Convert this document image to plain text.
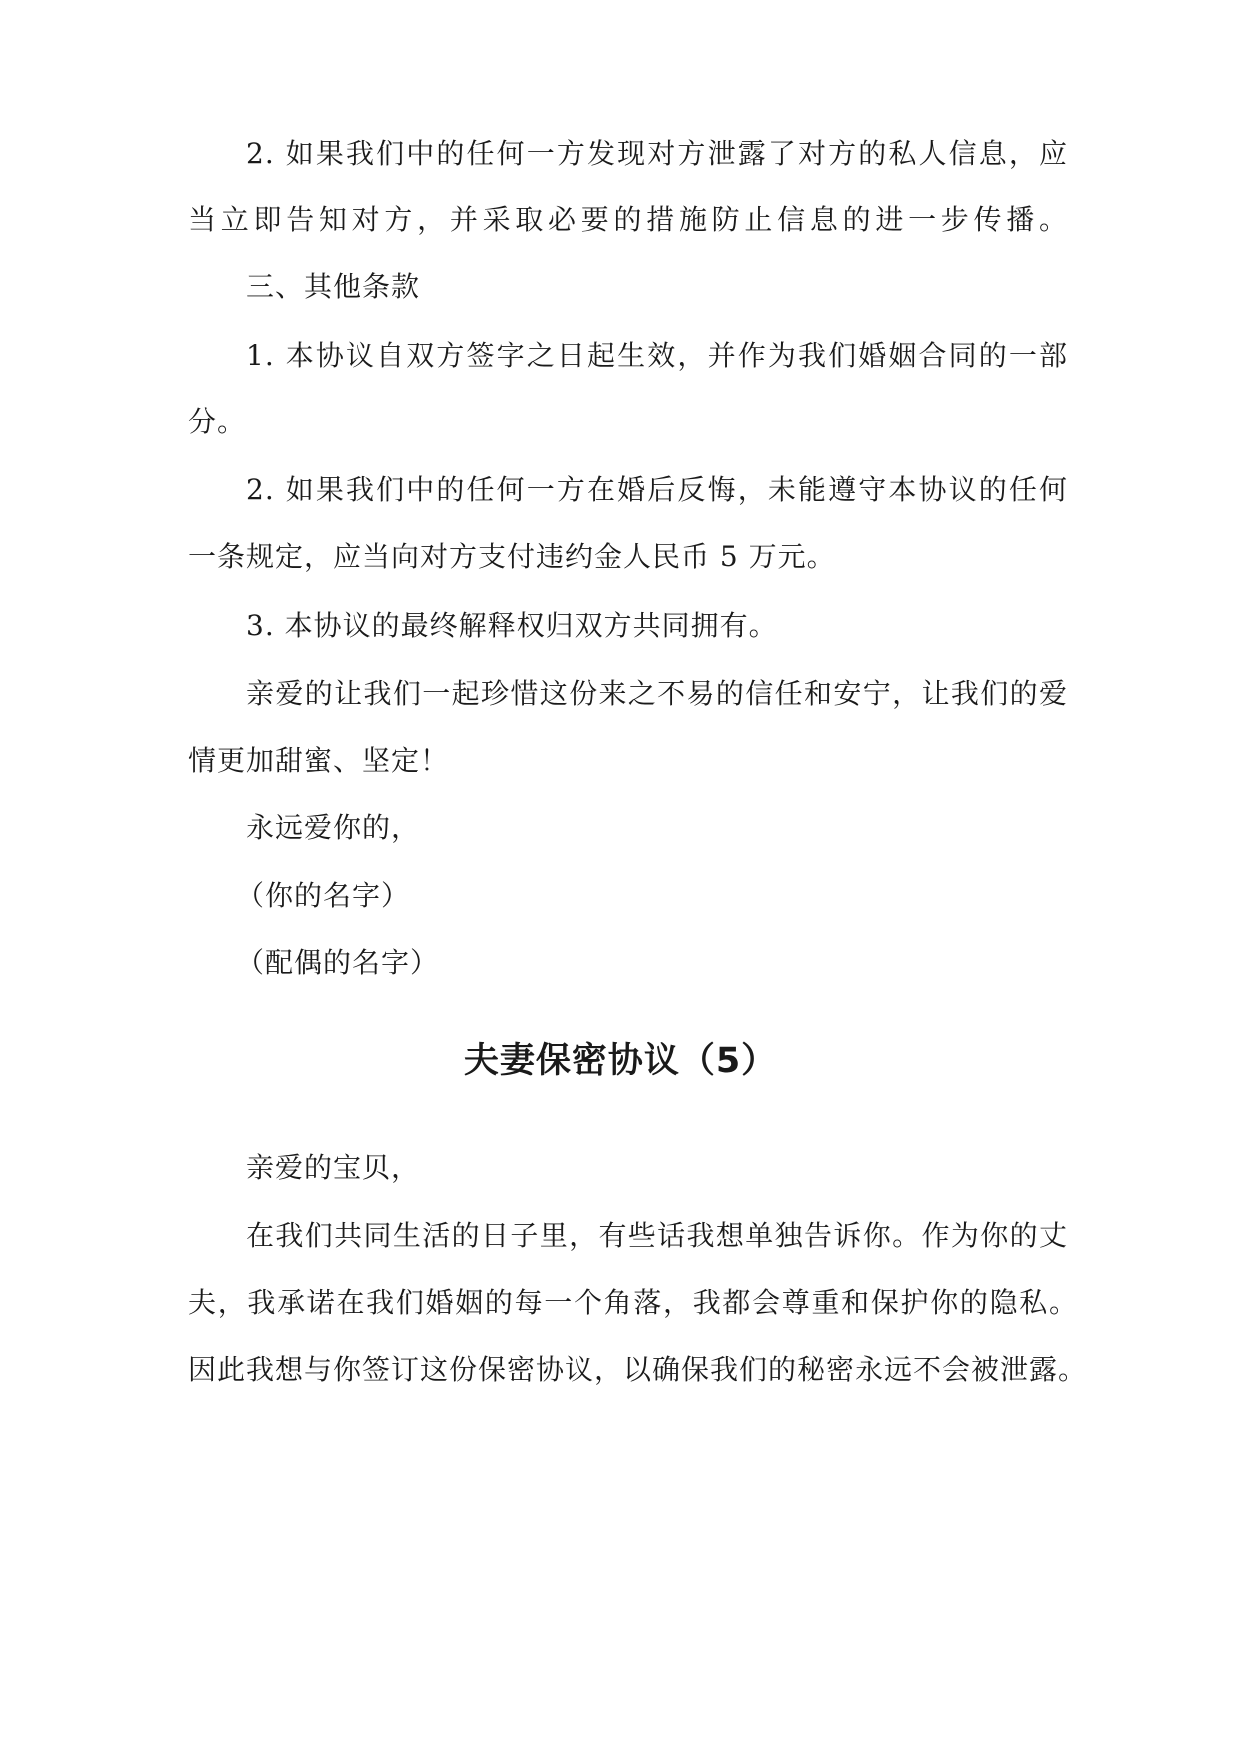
2. 如果我们中的任何一方发现对方泄露了对方的私人信息，应
当立即告知对方，并采取必要的措施防止信息的进一步传播。
三、其他条款
1. 本协议自双方签字之日起生效，并作为我们婚姻合同的一部
分。
2. 如果我们中的任何一方在婚后反悔，未能遵守本协议的任何
一条规定，应当向对方支付违约金人民币 5 万元。
3. 本协议的最终解释权归双方共同拥有。
亲爱的让我们一起珍惜这份来之不易的信任和安宁，让我们的爱
情更加甜蜜、坚定！
永远爱你的，
（你的名字）
（配偶的名字）
夫妻保密协议（5）
亲爱的宝贝，
在我们共同生活的日子里，有些话我想单独告诉你。作为你的丈
夫，我承诺在我们婚姻的每一个角落，我都会尊重和保护你的隐私。
因此我想与你签订这份保密协议，以确保我们的秘密永远不会被泄露。
